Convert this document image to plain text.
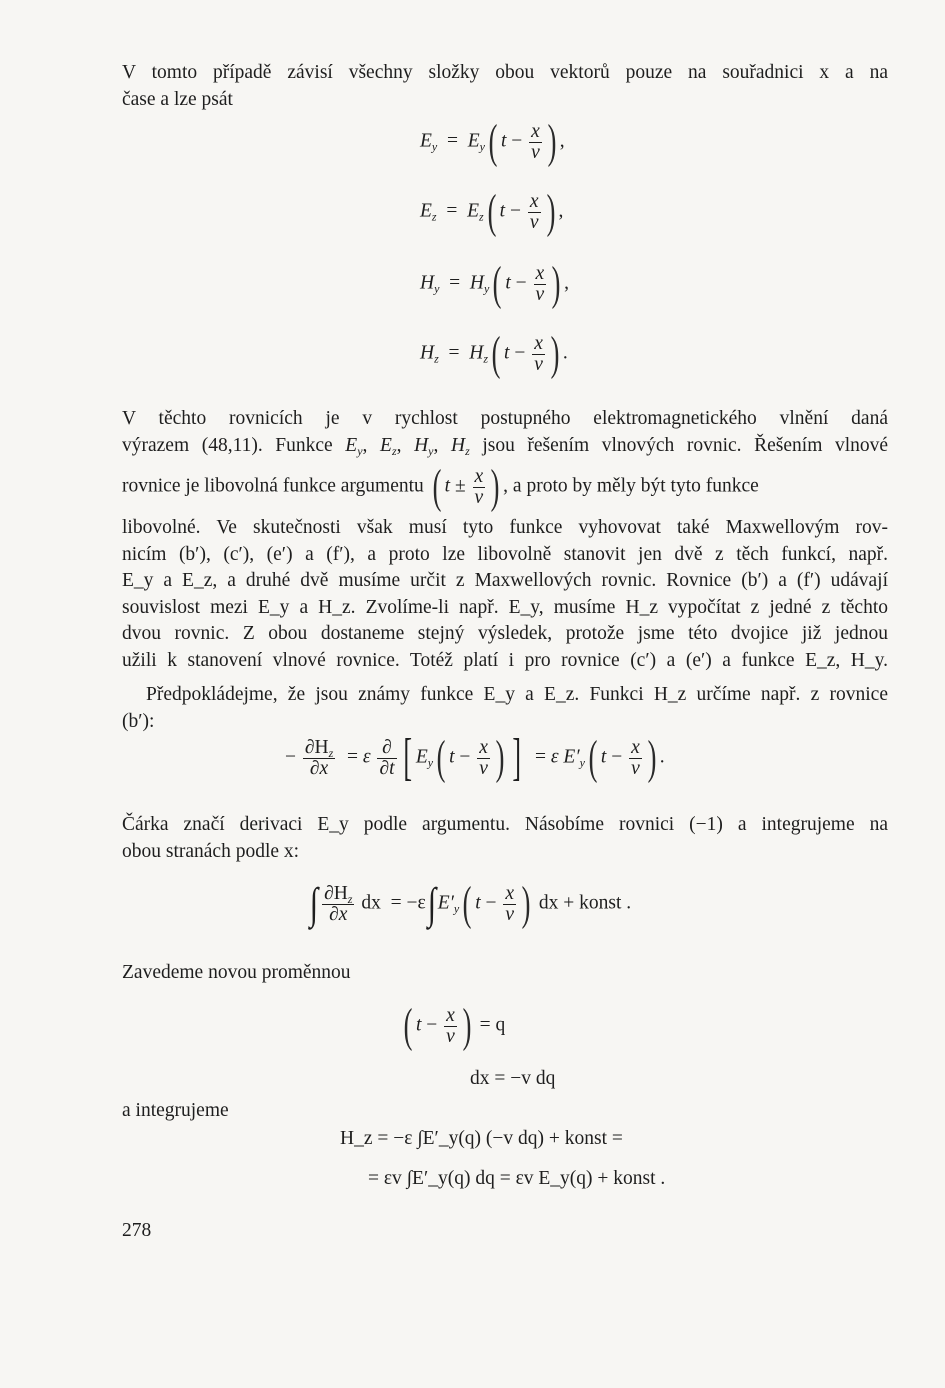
V tomto případě závisí všechny složky obou vektorů pouze na souřadnici x a na
čase a lze psát
$E_y = E_y$( $t - \frac{x}{v}$ ) ,
$E_z = E_z$( $t - \frac{x}{v}$ ) ,
$H_y = H_y$( $t - \frac{x}{v}$ ) ,
$H_z = H_z$( $t - \frac{x}{v}$ ) .
V těchto rovnicích je v rychlost postupného elektromagnetického vlnění daná
výrazem (48,11). Funkce $E_y$, $E_z$, $H_y$, $H_z$ jsou řešením vlnových rovnic. Řešením vlnové
rovnice je libovolná funkce argumentu ( $t \pm \frac{x}{v}$ ) , a proto by měly být tyto funkce
libovolné. Ve skutečnosti však musí tyto funkce vyhovovat také Maxwellovým rov-
nicím (b′), (c′), (e′) a (f′), a proto lze libovolně stanovit jen dvě z těch funkcí, např.
E_y a E_z, a druhé dvě musíme určit z Maxwellových rovnic. Rovnice (b′) a (f′) udávají
souvislost mezi E_y a H_z. Zvolíme-li např. E_y, musíme H_z vypočítat z jedné z těchto
dvou rovnic. Z obou dostaneme stejný výsledek, protože jsme této dvojice již jednou
užili k stanovení vlnové rovnice. Totéž platí i pro rovnice (c′) a (e′) a funkce E_z, H_y.
Předpokládejme, že jsou známy funkce E_y a E_z. Funkci H_z určíme např. z rovnice
(b′):
− $\frac{\partial H_z}{\partial x} = \varepsilon \frac{\partial}{\partial t}$ [ $E_y$( $t - \frac{x}{v}$ ) ] = ε $E'_y$( $t - \frac{x}{v}$ ) .
Čárka značí derivaci E_y podle argumentu. Násobíme rovnici (−1) a integrujeme na
obou stranách podle x:
∫ $\frac{\partial H_z}{\partial x}$ dx = $-\varepsilon\int E'_y$( $t - \frac{x}{v}$ ) dx + konst .
Zavedeme novou proměnnou
( $t - \frac{x}{v}$ ) = q
dx = −v dq
a integrujeme
H_z = −ε ∫E′_y(q) (−v dq) + konst =
= εv ∫E′_y(q) dq = εv E_y(q) + konst .
278
